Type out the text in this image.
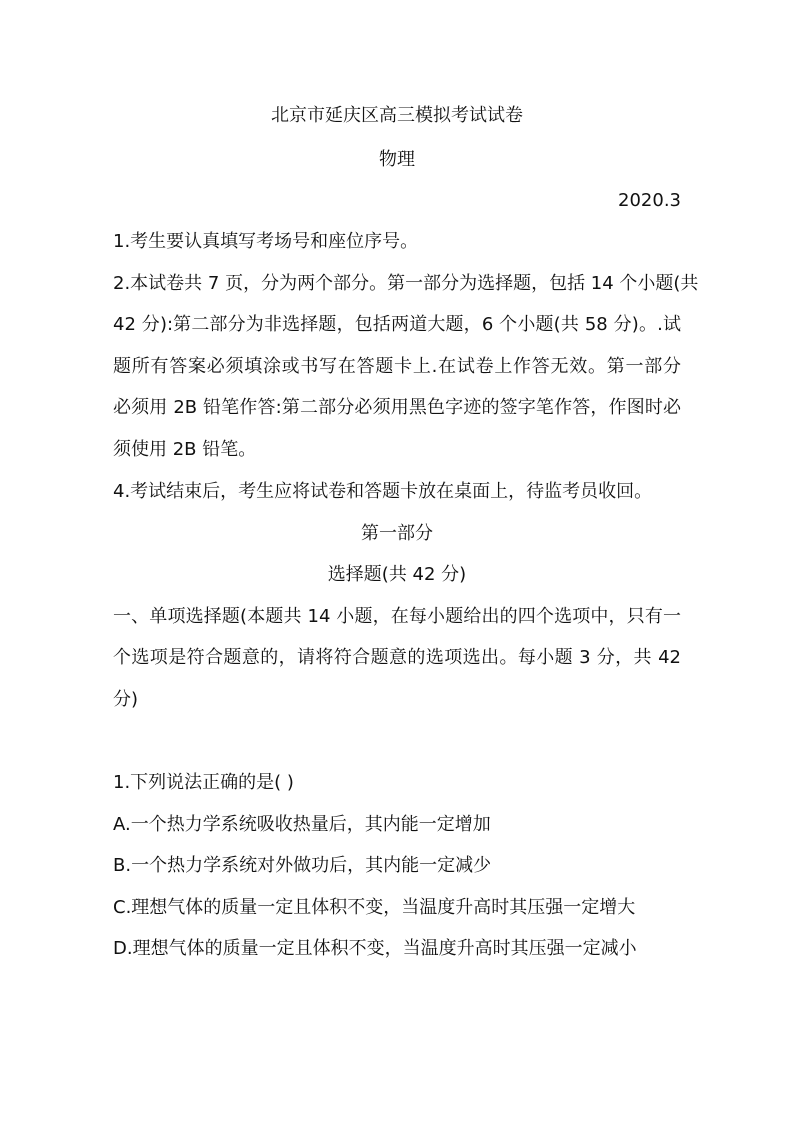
北京市延庆区高三模拟考试试卷
物理
2020.3
1.考生要认真填写考场号和座位序号。
2.本试卷共 7 页，分为两个部分。第一部分为选择题，包括 14 个小题(共
42 分):第二部分为非选择题，包括两道大题，6 个小题(共 58 分)。.试
题所有答案必须填涂或书写在答题卡上.在试卷上作答无效。第一部分
必须用 2B 铅笔作答:第二部分必须用黑色字迹的签字笔作答，作图时必
须使用 2B 铅笔。
4.考试结束后，考生应将试卷和答题卡放在桌面上，待监考员收回。
第一部分
选择题(共 42 分)
一、单项选择题(本题共 14 小题，在每小题给出的四个选项中，只有一
个选项是符合题意的，请将符合题意的选项选出。每小题 3 分，共 42
分)
1.下列说法正确的是( )
A.一个热力学系统吸收热量后，其内能一定增加
B.一个热力学系统对外做功后，其内能一定减少
C.理想气体的质量一定且体积不变，当温度升高时其压强一定增大
D.理想气体的质量一定且体积不变，当温度升高时其压强一定减小
